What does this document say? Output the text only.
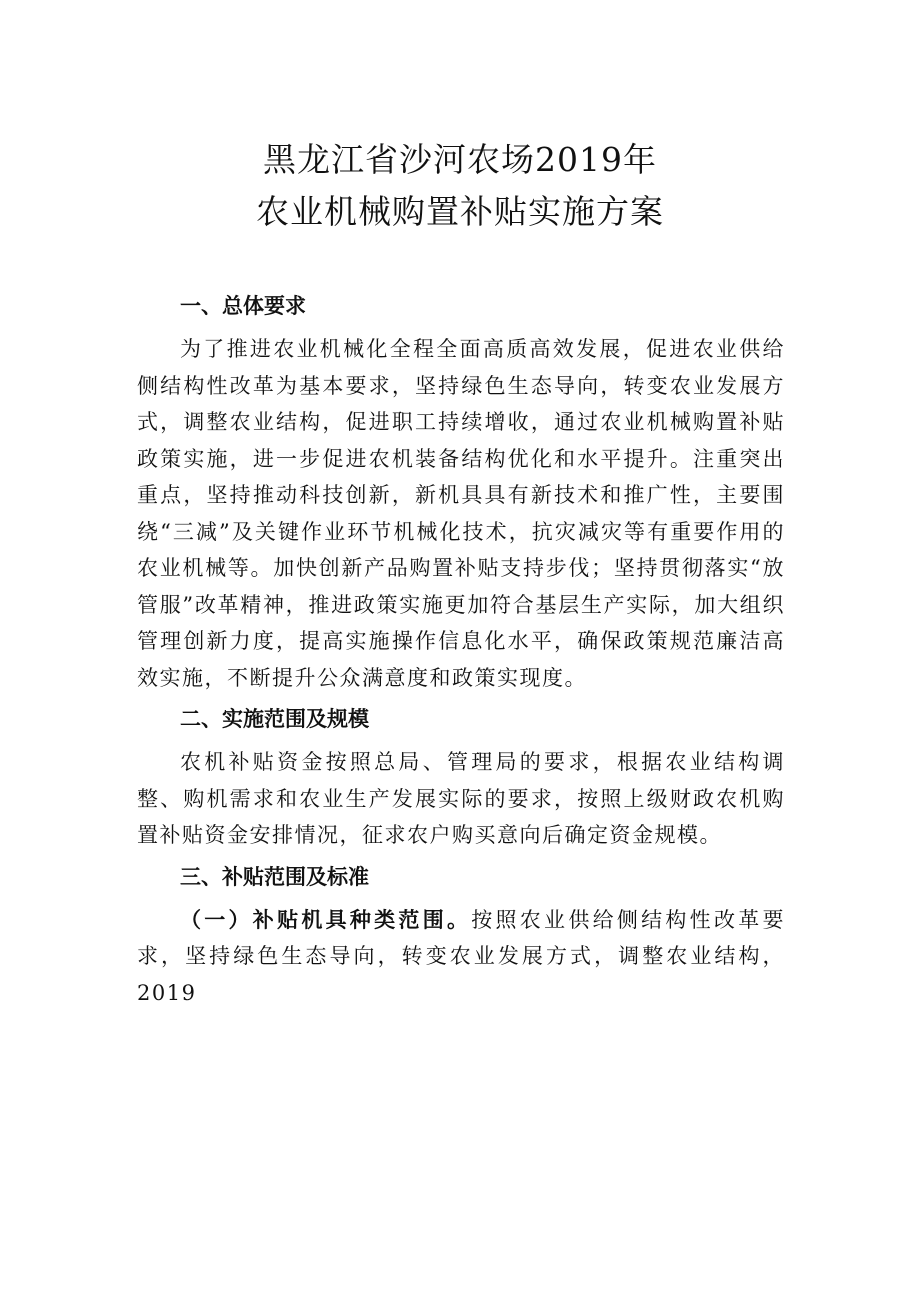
黑龙江省沙河农场2019年
农业机械购置补贴实施方案
一、总体要求
为了推进农业机械化全程全面高质高效发展，促进农业供给侧结构性改革为基本要求，坚持绿色生态导向，转变农业发展方式，调整农业结构，促进职工持续增收，通过农业机械购置补贴政策实施，进一步促进农机装备结构优化和水平提升。注重突出重点，坚持推动科技创新，新机具具有新技术和推广性，主要围绕“三减”及关键作业环节机械化技术，抗灾减灾等有重要作用的农业机械等。加快创新产品购置补贴支持步伐；坚持贯彻落实“放管服”改革精神，推进政策实施更加符合基层生产实际，加大组织管理创新力度，提高实施操作信息化水平，确保政策规范廉洁高效实施，不断提升公众满意度和政策实现度。
二、实施范围及规模
农机补贴资金按照总局、管理局的要求，根据农业结构调整、购机需求和农业生产发展实际的要求，按照上级财政农机购置补贴资金安排情况，征求农户购买意向后确定资金规模。
三、补贴范围及标准
（一）补贴机具种类范围。按照农业供给侧结构性改革要求，坚持绿色生态导向，转变农业发展方式，调整农业结构，2019
